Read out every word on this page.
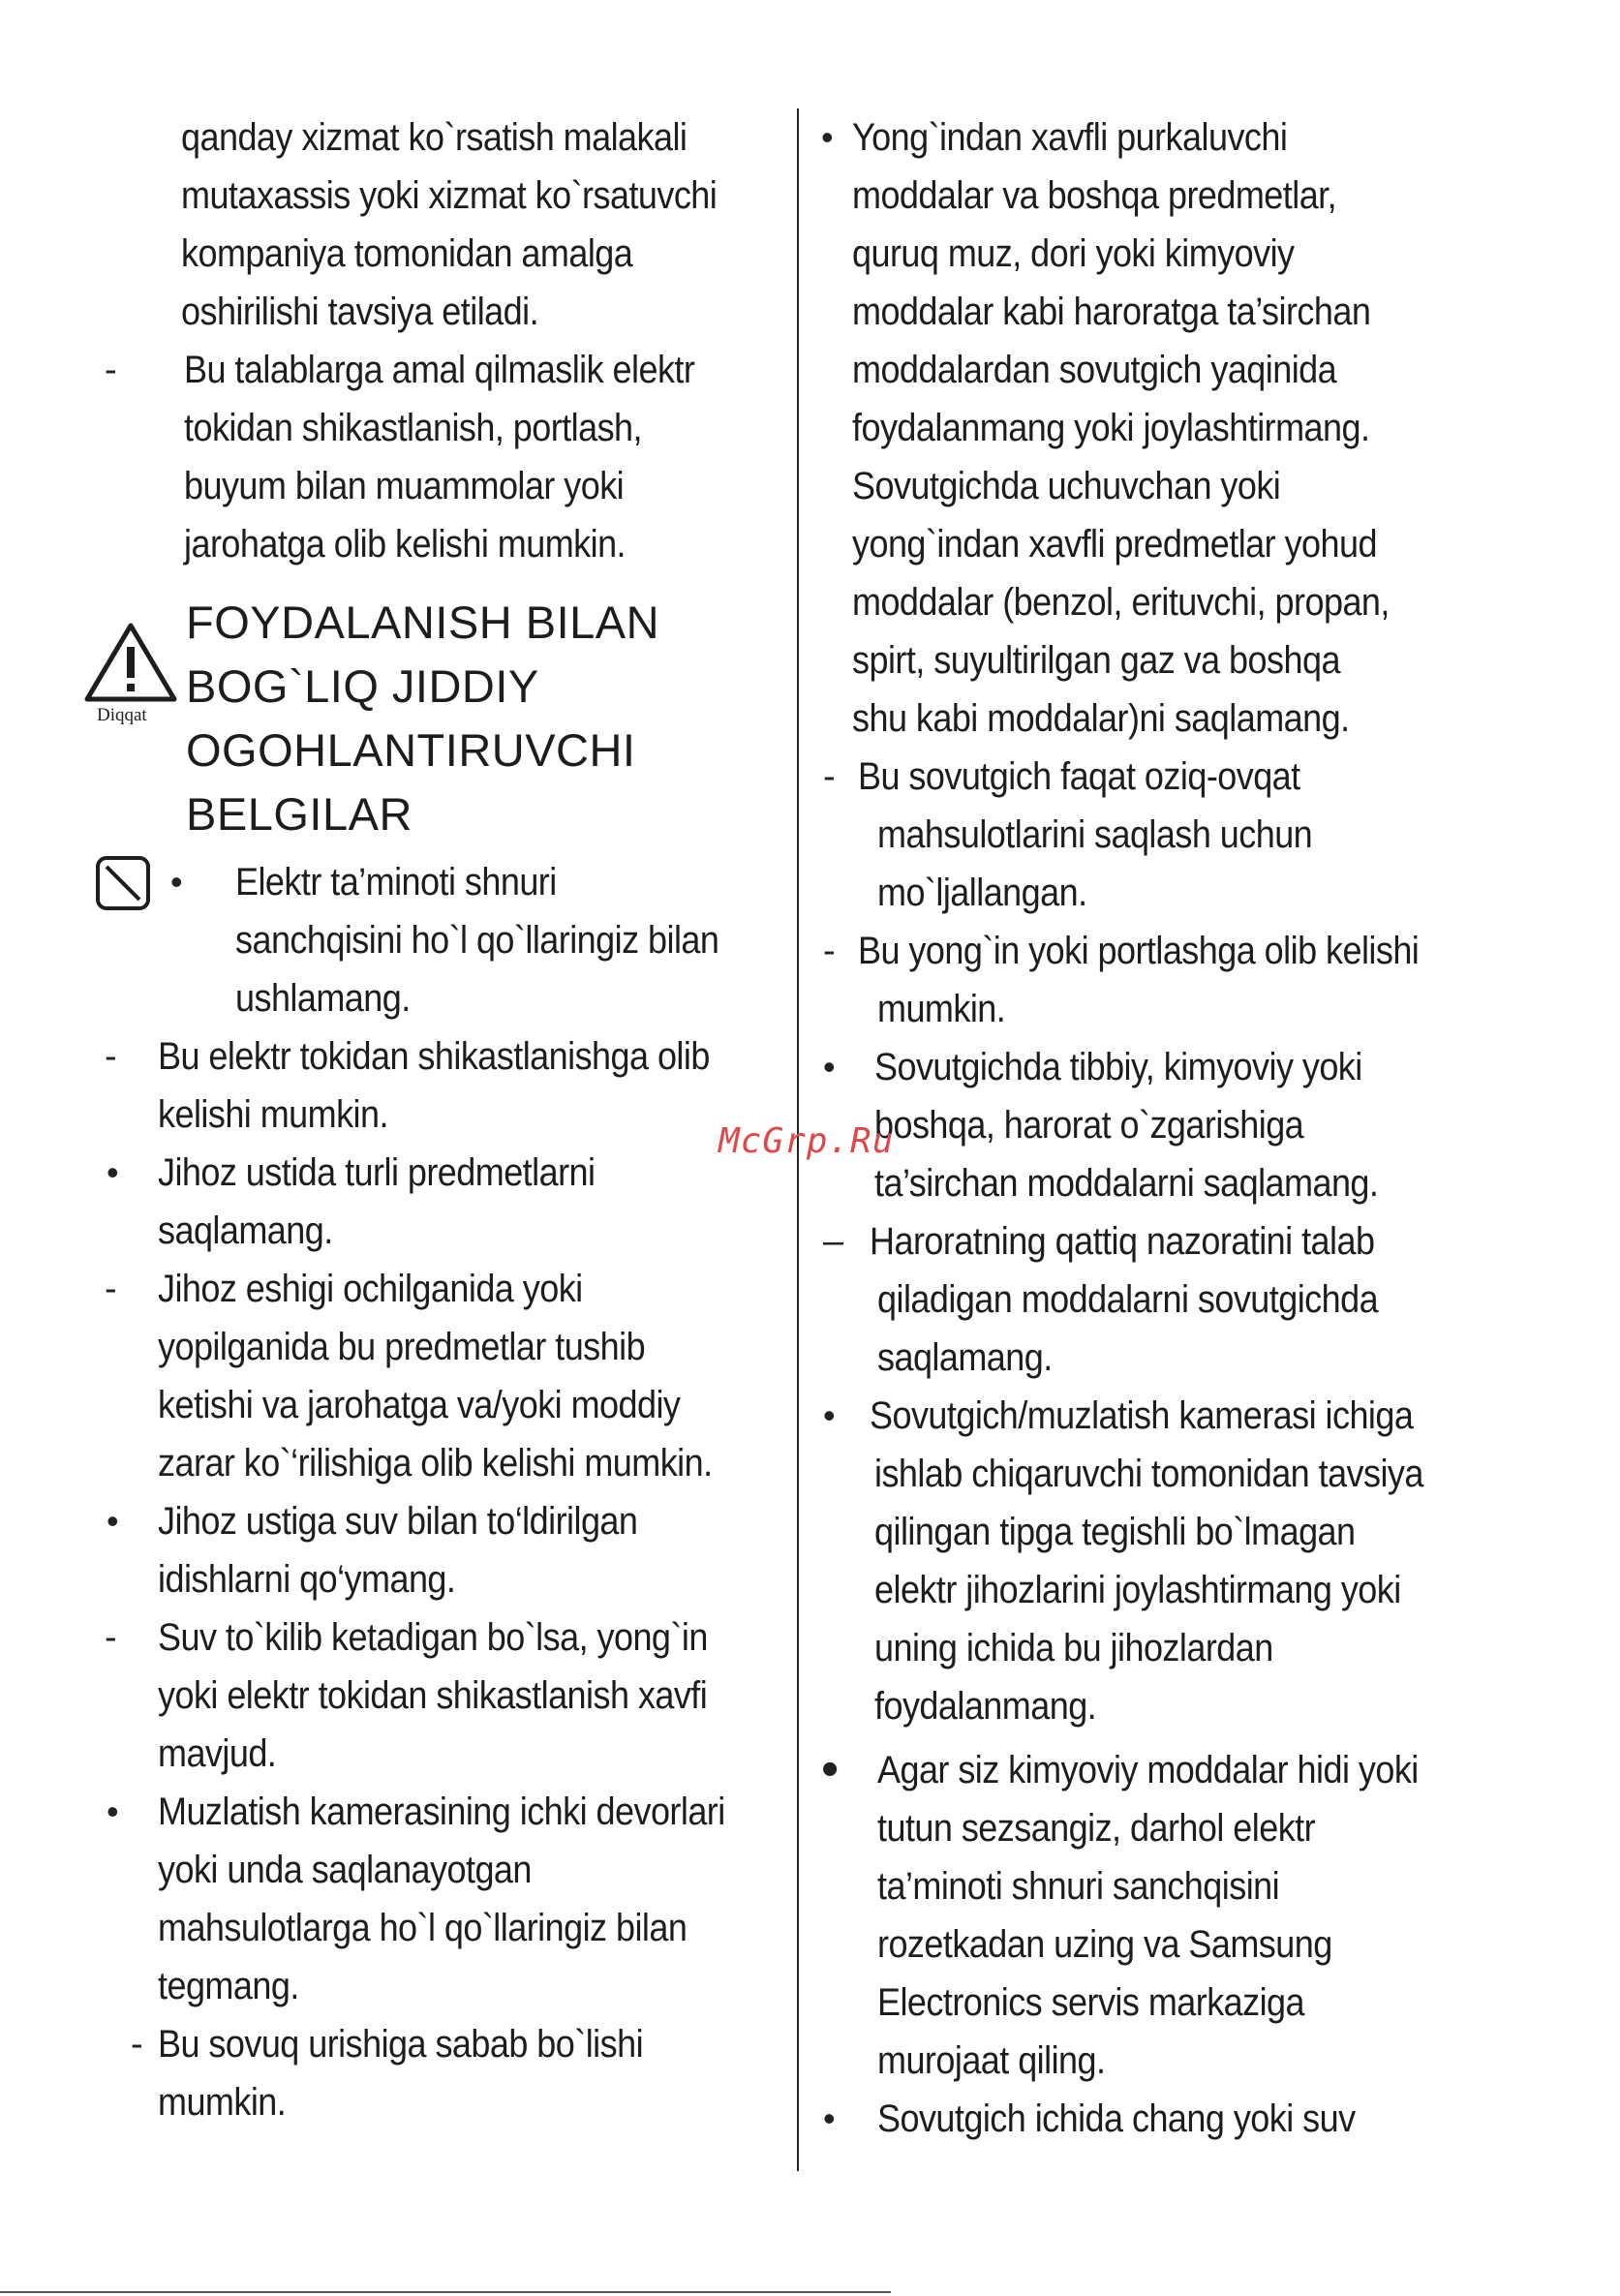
qanday xizmat ko`rsatish malakali
mutaxassis yoki xizmat ko`rsatuvchi
kompaniya tomonidan amalga
oshirilishi tavsiya etiladi.
- Bu talablarga amal qilmaslik elektr
tokidan shikastlanish, portlash,
buyum bilan muammolar yoki
jarohatga olib kelishi mumkin.
Diqqat
FOYDALANISH BILAN
BOG`LIQ JIDDIY
OGOHLANTIRUVCHI
BELGILAR
• Elektr ta’minoti shnuri
sanchqisini ho`l qo`llaringiz bilan
ushlamang.
- Bu elektr tokidan shikastlanishga olib
kelishi mumkin.
• Jihoz ustida turli predmetlarni
saqlamang.
- Jihoz eshigi ochilganida yoki
yopilganida bu predmetlar tushib
ketishi va jarohatga va/yoki moddiy
zarar ko`‘rilishiga olib kelishi mumkin.
• Jihoz ustiga suv bilan to‘ldirilgan
idishlarni qo‘ymang.
- Suv to`kilib ketadigan bo`lsa, yong`in
yoki elektr tokidan shikastlanish xavfi
mavjud.
• Muzlatish kamerasining ichki devorlari
yoki unda saqlanayotgan
mahsulotlarga ho`l qo`llaringiz bilan
tegmang.
- Bu sovuq urishiga sabab bo`lishi
mumkin.
• Yong`indan xavfli purkaluvchi
moddalar va boshqa predmetlar,
quruq muz, dori yoki kimyoviy
moddalar kabi haroratga ta’sirchan
moddalardan sovutgich yaqinida
foydalanmang yoki joylashtirmang.
Sovutgichda uchuvchan yoki
yong`indan xavfli predmetlar yohud
moddalar (benzol, erituvchi, propan,
spirt, suyultirilgan gaz va boshqa
shu kabi moddalar)ni saqlamang.
- Bu sovutgich faqat oziq-ovqat
mahsulotlarini saqlash uchun
mo`ljallangan.
- Bu yong`in yoki portlashga olib kelishi
mumkin.
• Sovutgichda tibbiy, kimyoviy yoki
boshqa, harorat o`zgarishiga
ta’sirchan moddalarni saqlamang.
– Haroratning qattiq nazoratini talab
qiladigan moddalarni sovutgichda
saqlamang.
• Sovutgich/muzlatish kamerasi ichiga
ishlab chiqaruvchi tomonidan tavsiya
qilingan tipga tegishli bo`lmagan
elektr jihozlarini joylashtirmang yoki
uning ichida bu jihozlardan
foydalanmang.
• Agar siz kimyoviy moddalar hidi yoki
tutun sezsangiz, darhol elektr
ta’minoti shnuri sanchqisini
rozetkadan uzing va Samsung
Electronics servis markaziga
murojaat qiling.
• Sovutgich ichida chang yoki suv
McGrp.Ru
